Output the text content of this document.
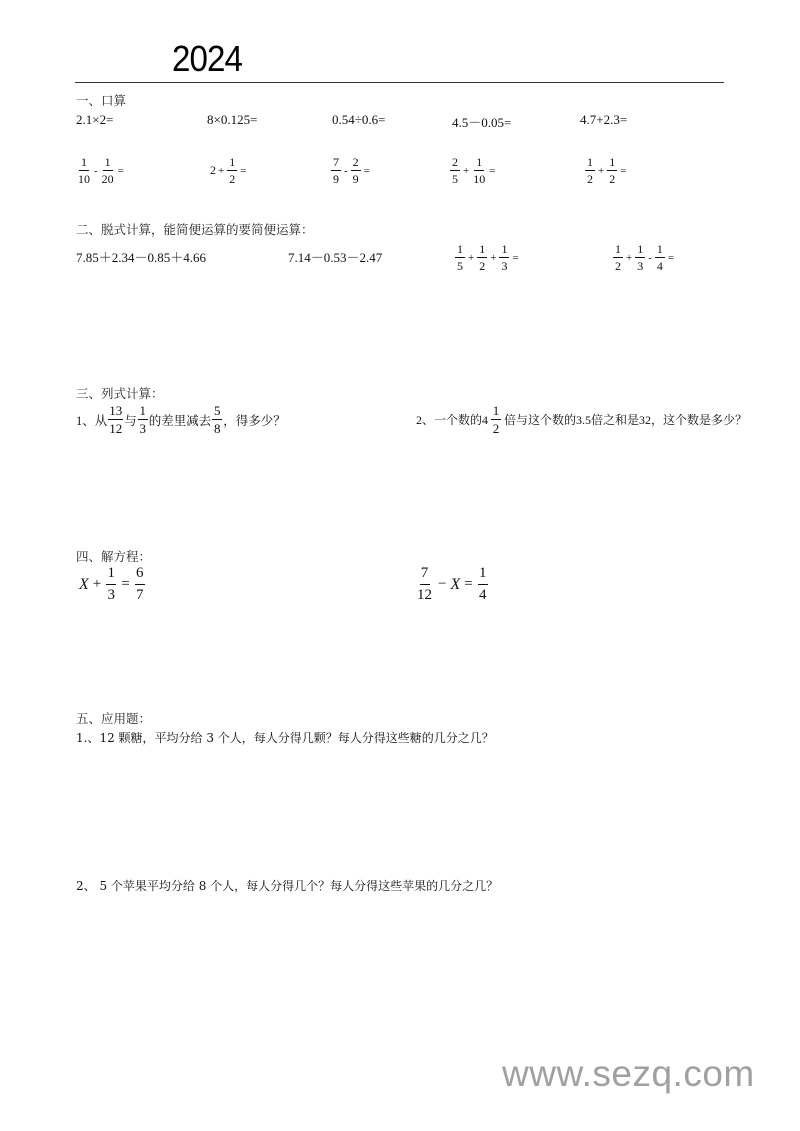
2024
一、口算
2.1×2=	8×0.125=	0.54÷0.6=	4.5－0.05=	4.7+2.3=
$\frac{1}{10} - \frac{1}{20}$ =	$2 + \frac{1}{2}$ =	$\frac{7}{9} - \frac{2}{9}$ =	$\frac{2}{5} + \frac{1}{10}$ =	$\frac{1}{2} + \frac{1}{2}$ =
二、脱式计算，能简便运算的要简便运算：
7.85＋2.34－0.85＋4.66	7.14－0.53－2.47	$\frac{1}{5} + \frac{1}{2} + \frac{1}{3}$ =	$\frac{1}{2} + \frac{1}{3} - \frac{1}{4}$ =
三、列式计算：
1、从 $\frac{13}{12}$ 与 $\frac{1}{3}$ 的差里减去 $\frac{5}{8}$ ，得多少？	2、一个数的$4 \frac{1}{2}$ 倍与这个数的3.5倍之和是32，这个数是多少？
四、解方程：
$X + \frac{1}{3} = \frac{6}{7}$	$\frac{7}{12} - X = \frac{1}{4}$
五、应用题：
1.、12 颗糖，平均分给 3 个人，每人分得几颗？每人分得这些糖的几分之几？
2、 5 个苹果平均分给 8 个人，每人分得几个？每人分得这些苹果的几分之几？
www.sezq.com
